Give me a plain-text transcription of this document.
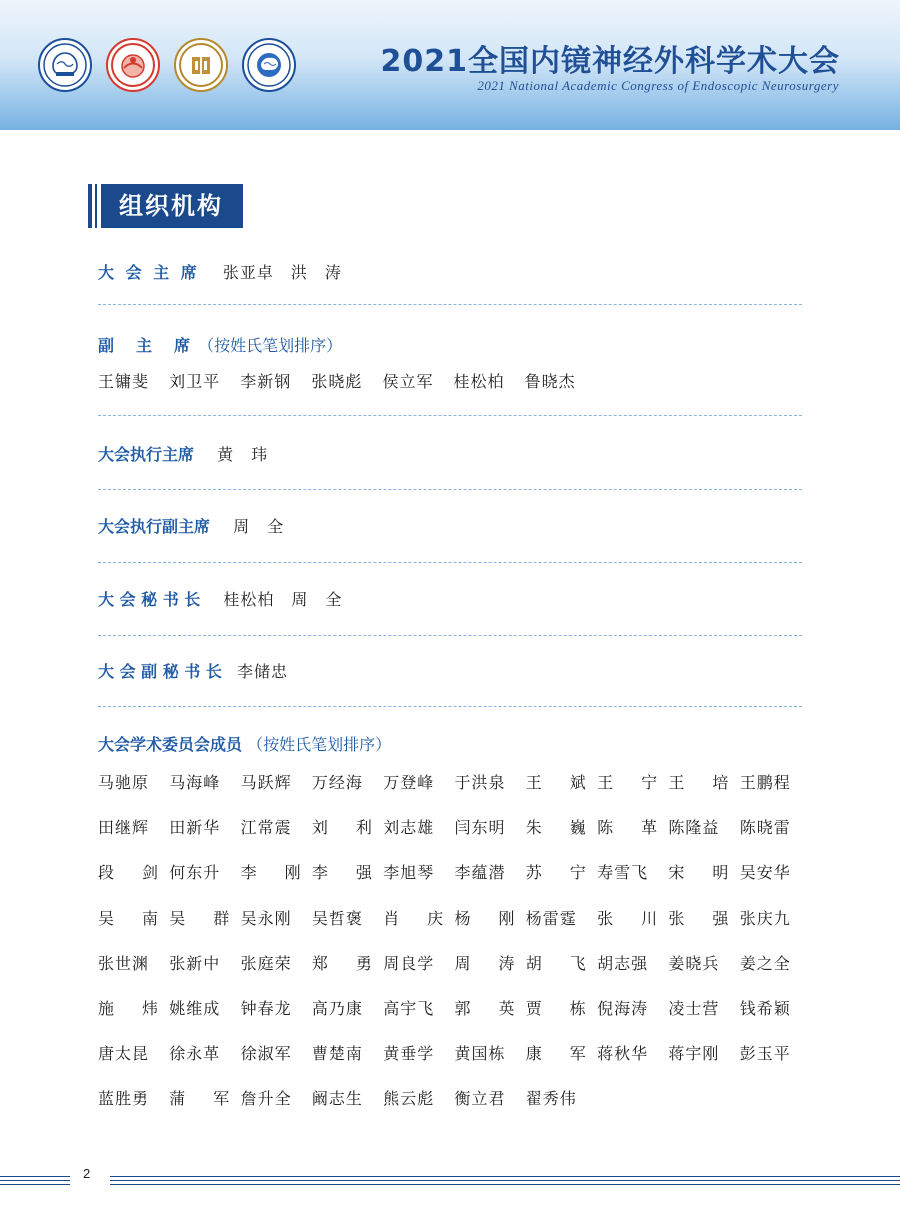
2021全国内镜神经外科学术大会
2021 National Academic Congress of Endoscopic Neurosurgery
组织机构
大 会 主 席 张亚卓　洪　涛
副　主　席 （按姓氏笔划排序）
王镛斐 刘卫平 李新钢 张晓彪 侯立军 桂松柏 鲁晓杰
大会执行主席 黄　玮
大会执行副主席 周　全
大 会 秘 书 长 桂松柏　周　全
大 会 副 秘 书 长 李储忠
大会学术委员会成员 （按姓氏笔划排序）
马驰原 马海峰 马跃辉 万经海 万登峰 于洪泉 王 斌 王 宁 王 培 王鹏程
田继辉 田新华 江常震 刘 利 刘志雄 闫东明 朱 巍 陈 革 陈隆益 陈晓雷
段 剑 何东升 李 刚 李 强 李旭琴 李蕴潜 苏 宁 寿雪飞 宋 明 吴安华
吴 南 吴 群 吴永刚 吴哲褒 肖 庆 杨 刚 杨雷霆 张 川 张 强 张庆九
张世渊 张新中 张庭荣 郑 勇 周良学 周 涛 胡 飞 胡志强 姜晓兵 姜之全
施 炜 姚维成 钟春龙 高乃康 高宇飞 郭 英 贾 栋 倪海涛 凌士营 钱希颖
唐太昆 徐永革 徐淑军 曹楚南 黄垂学 黄国栋 康 军 蒋秋华 蒋宇刚 彭玉平
蓝胜勇 蒲 军 詹升全 阚志生 熊云彪 衡立君 翟秀伟
2
